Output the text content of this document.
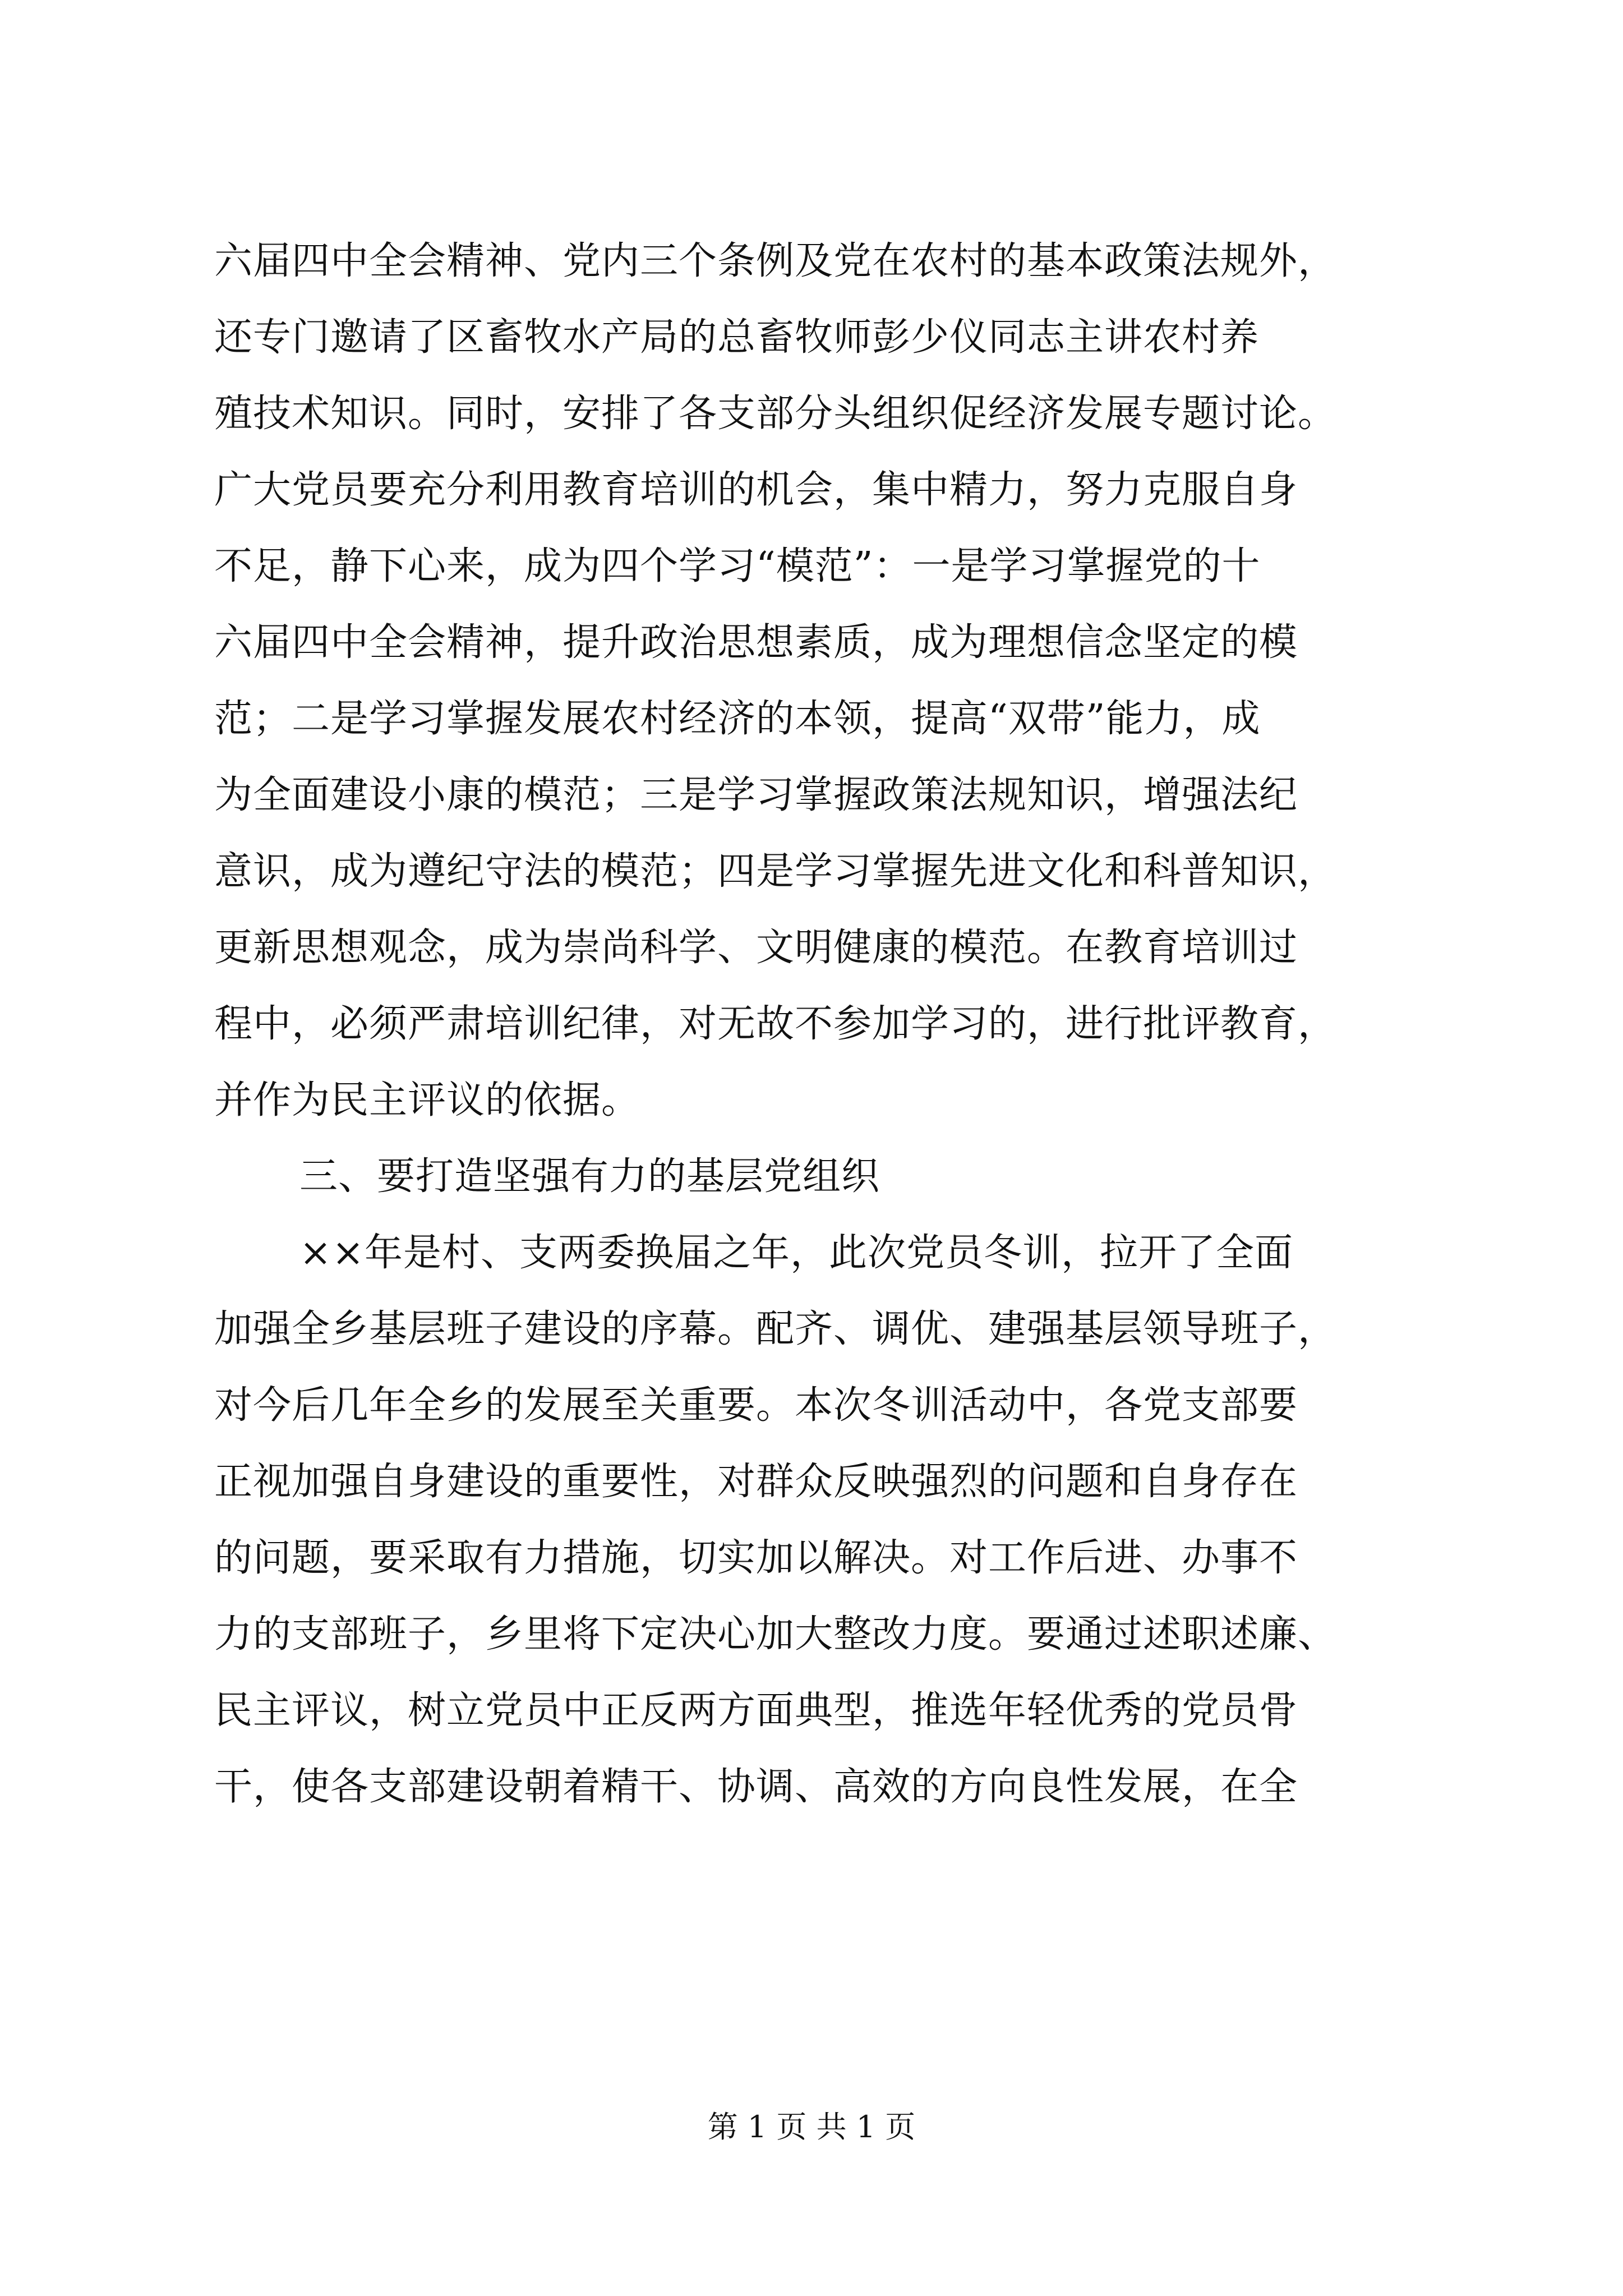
六届四中全会精神、党内三个条例及党在农村的基本政策法规外，
还专门邀请了区畜牧水产局的总畜牧师彭少仪同志主讲农村养
殖技术知识。同时，安排了各支部分头组织促经济发展专题讨论。
广大党员要充分利用教育培训的机会，集中精力，努力克服自身
不足，静下心来，成为四个学习“模范”：一是学习掌握党的十
六届四中全会精神，提升政治思想素质，成为理想信念坚定的模
范；二是学习掌握发展农村经济的本领，提高“双带”能力，成
为全面建设小康的模范；三是学习掌握政策法规知识，增强法纪
意识，成为遵纪守法的模范；四是学习掌握先进文化和科普知识，
更新思想观念，成为崇尚科学、文明健康的模范。在教育培训过
程中，必须严肃培训纪律，对无故不参加学习的，进行批评教育，
并作为民主评议的依据。
三、要打造坚强有力的基层党组织
××年是村、支两委换届之年，此次党员冬训，拉开了全面
加强全乡基层班子建设的序幕。配齐、调优、建强基层领导班子，
对今后几年全乡的发展至关重要。本次冬训活动中，各党支部要
正视加强自身建设的重要性，对群众反映强烈的问题和自身存在
的问题，要采取有力措施，切实加以解决。对工作后进、办事不
力的支部班子，乡里将下定决心加大整改力度。要通过述职述廉、
民主评议，树立党员中正反两方面典型，推选年轻优秀的党员骨
干，使各支部建设朝着精干、协调、高效的方向良性发展，在全
第 1 页 共 1 页
